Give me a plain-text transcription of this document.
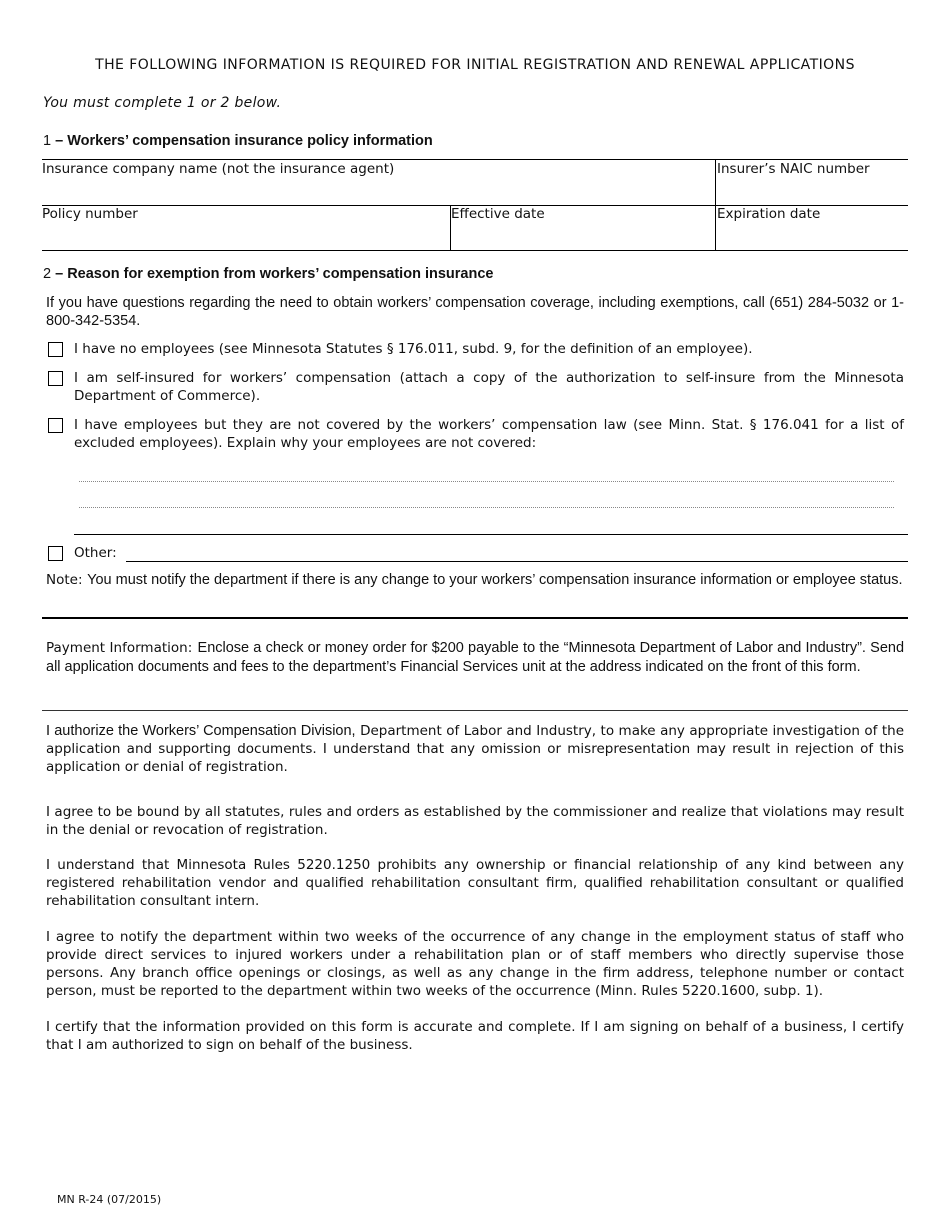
THE FOLLOWING INFORMATION IS REQUIRED FOR INITIAL REGISTRATION AND RENEWAL APPLICATIONS
You must complete 1 or 2 below.
1 – Workers’ compensation insurance policy information
Insurance company name (not the insurance agent)	Insurer’s NAIC number
Policy number	Effective date	Expiration date
2 – Reason for exemption from workers’ compensation insurance
If you have questions regarding the need to obtain workers’ compensation coverage, including exemptions, call (651) 284-5032 or 1-800-342-5354.
I have no employees (see Minnesota Statutes § 176.011, subd. 9, for the definition of an employee).
I am self-insured for workers’ compensation (attach a copy of the authorization to self-insure from the Minnesota Department of Commerce).
I have employees but they are not covered by the workers’ compensation law (see Minn. Stat. § 176.041 for a list of excluded employees). Explain why your employees are not covered:
Other:
Note: You must notify the department if there is any change to your workers’ compensation insurance information or employee status.
Payment Information: Enclose a check or money order for $200 payable to the “Minnesota Department of Labor and Industry”. Send all application documents and fees to the department’s Financial Services unit at the address indicated on the front of this form.
I authorize the Workers’ Compensation Division, Department of Labor and Industry, to make any appropriate investigation of the application and supporting documents. I understand that any omission or misrepresentation may result in rejection of this application or denial of registration.
I agree to be bound by all statutes, rules and orders as established by the commissioner and realize that violations may result in the denial or revocation of registration.
I understand that Minnesota Rules 5220.1250 prohibits any ownership or financial relationship of any kind between any registered rehabilitation vendor and qualified rehabilitation consultant firm, qualified rehabilitation consultant or qualified rehabilitation consultant intern.
I agree to notify the department within two weeks of the occurrence of any change in the employment status of staff who provide direct services to injured workers under a rehabilitation plan or of staff members who directly supervise those persons. Any branch office openings or closings, as well as any change in the firm address, telephone number or contact person, must be reported to the department within two weeks of the occurrence (Minn. Rules 5220.1600, subp. 1).
I certify that the information provided on this form is accurate and complete. If I am signing on behalf of a business, I certify that I am authorized to sign on behalf of the business.
MN R-24 (07/2015)
